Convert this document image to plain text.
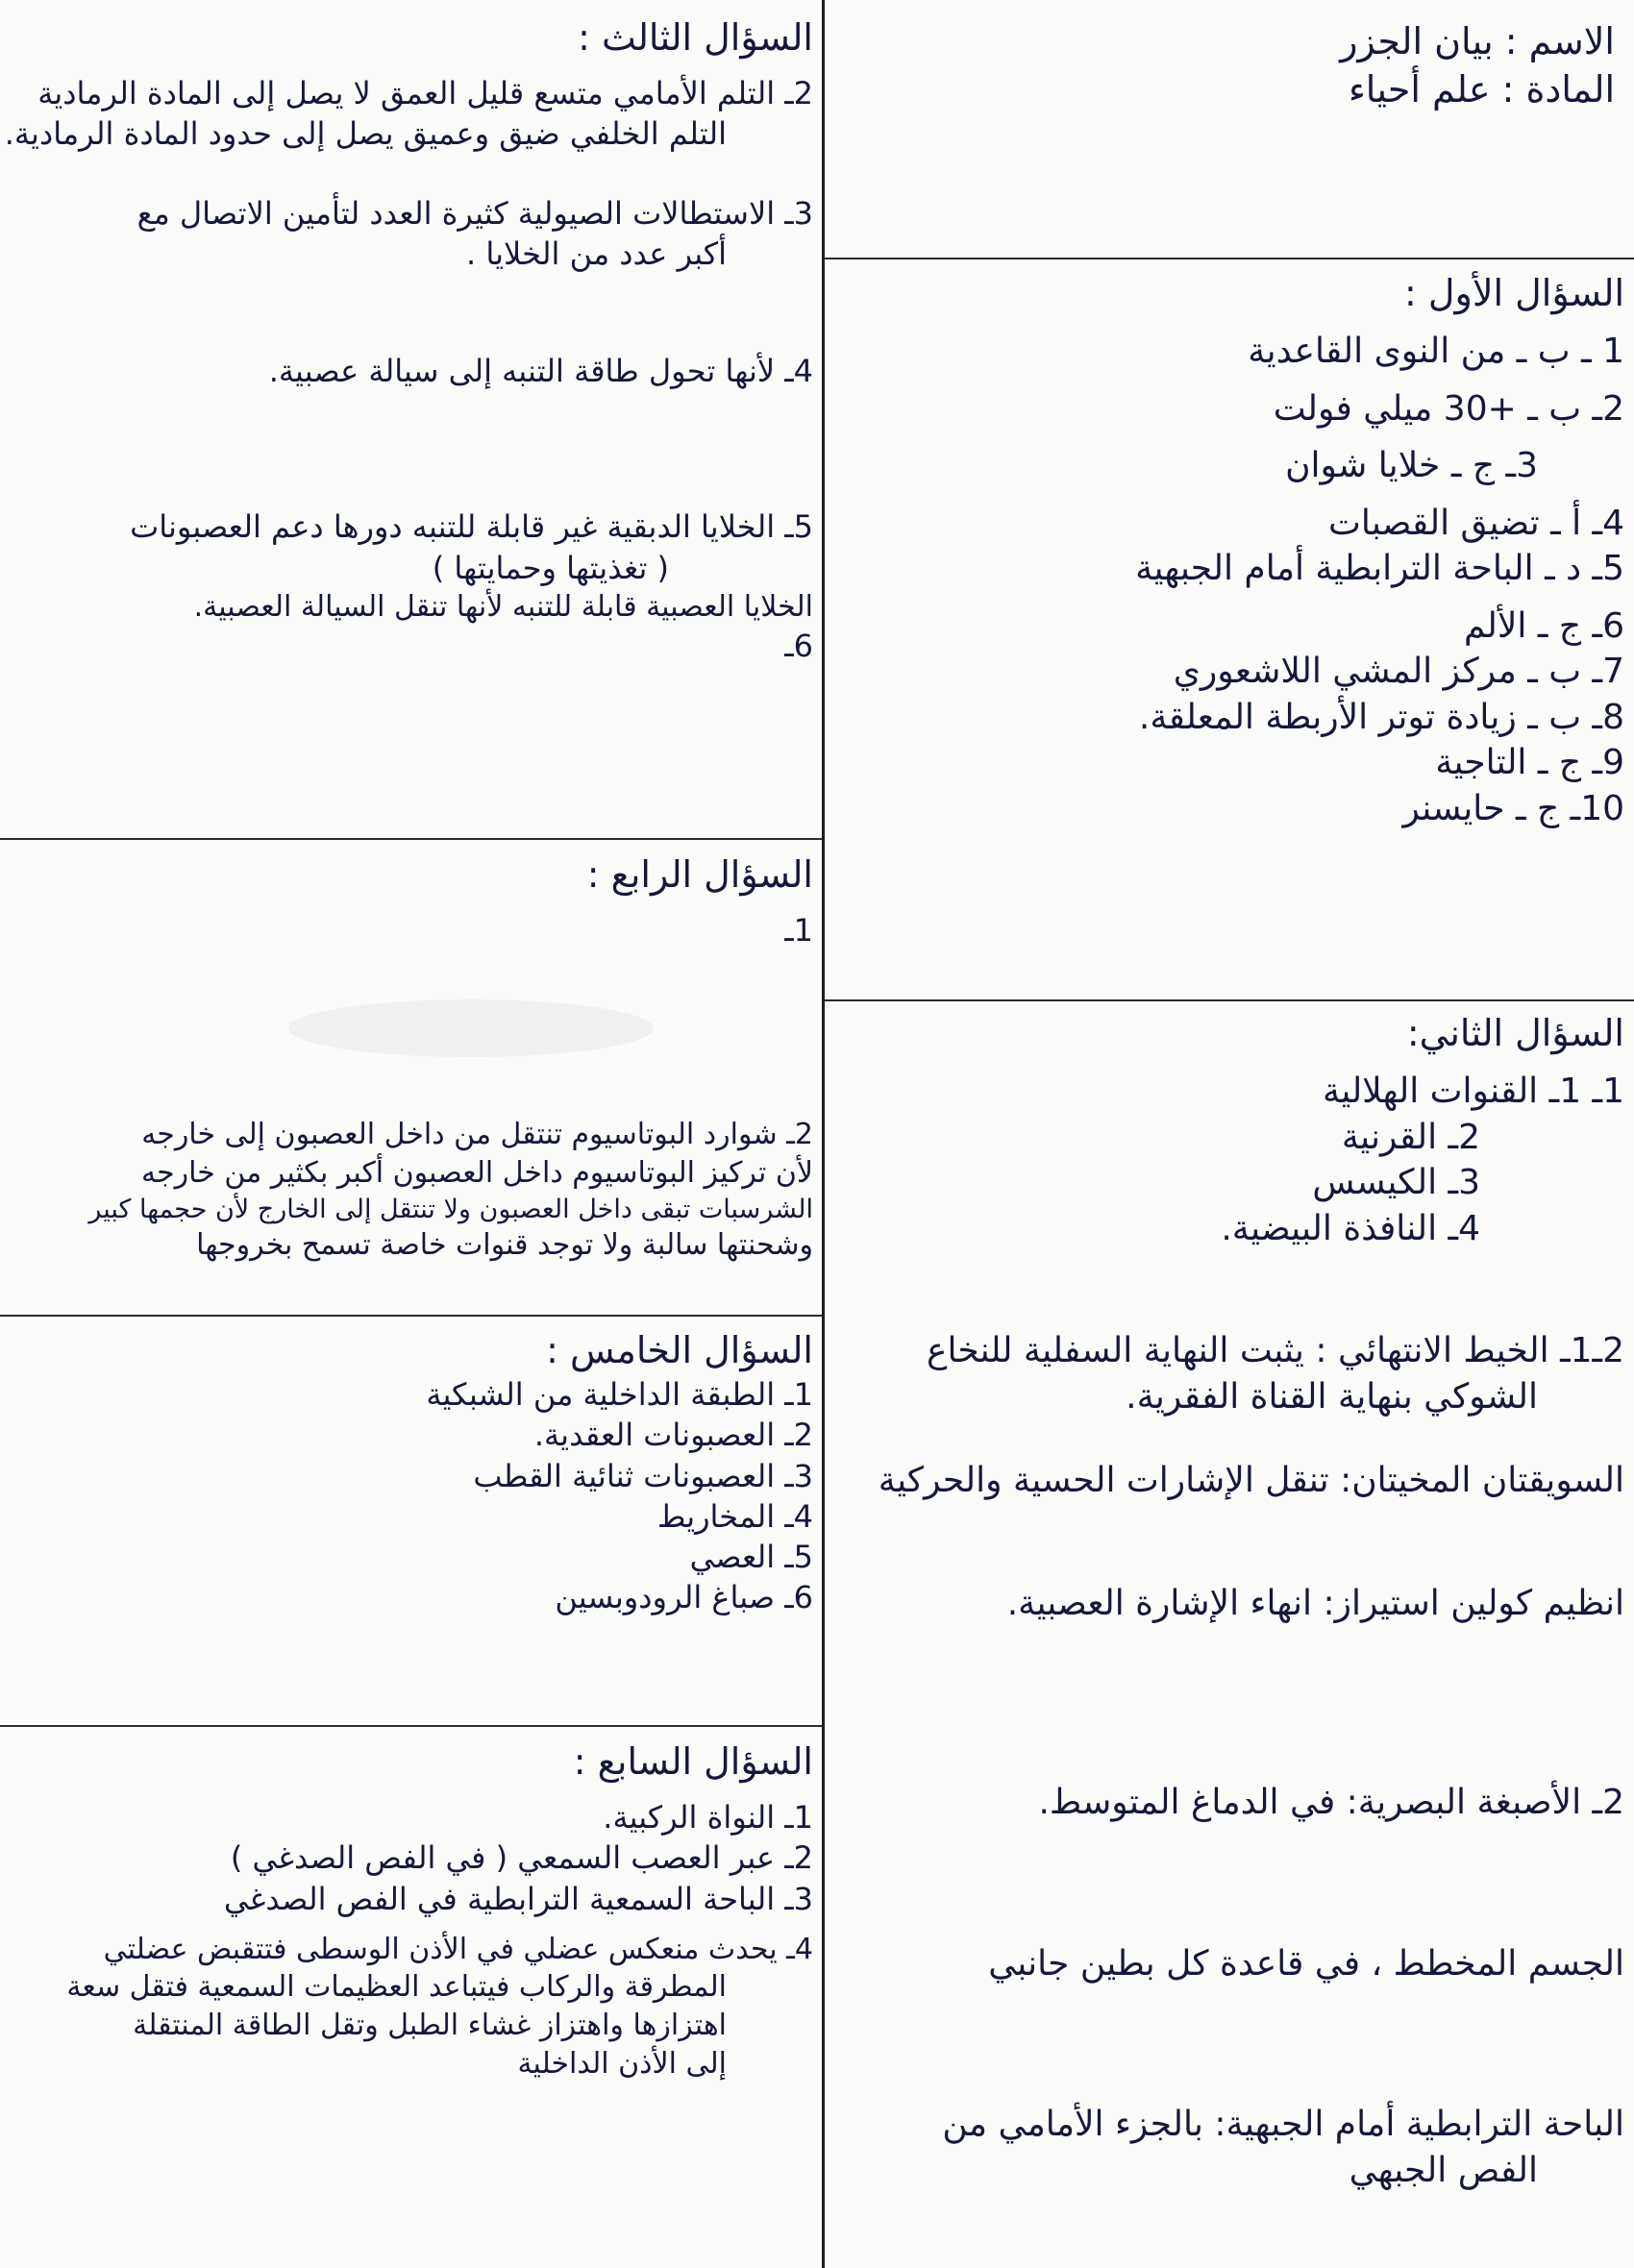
الاسم : بيان الجزر
المادة : علم أحياء
السؤال الأول :
1 ـ ب ـ من النوى القاعدية
2ـ ب ـ +30 ميلي فولت
3ـ ج ـ خلايا شوان
4ـ أ ـ تضيق القصبات
5ـ د ـ الباحة الترابطية أمام الجبهية
6ـ ج ـ الألم
7ـ ب ـ مركز المشي اللاشعوري
8ـ ب ـ زيادة توتر الأربطة المعلقة.
9ـ ج ـ التاجية
10ـ ج ـ حايسنر
السؤال الثاني:
1ـ 1ـ القنوات الهلالية
2ـ القرنية
3ـ الكيسس
4ـ النافذة البيضية.
2ـ1ـ الخيط الانتهائي : يثبت النهاية السفلية للنخاع
الشوكي بنهاية القناة الفقرية.
السويقتان المخيتان: تنقل الإشارات الحسية والحركية
انظيم كولين استيراز: انهاء الإشارة العصبية.
2ـ الأصبغة البصرية: في الدماغ المتوسط.
الجسم المخطط ، في قاعدة كل بطين جانبي
الباحة الترابطية أمام الجبهية: بالجزء الأمامي من
الفص الجبهي
السؤال الثالث :
2ـ التلم الأمامي متسع قليل العمق لا يصل إلى المادة الرمادية
التلم الخلفي ضيق وعميق يصل إلى حدود المادة الرمادية.
3ـ الاستطالات الصيولية كثيرة العدد لتأمين الاتصال مع
أكبر عدد من الخلايا .
4ـ لأنها تحول طاقة التنبه إلى سيالة عصبية.
5ـ الخلايا الدبقية غير قابلة للتنبه دورها دعم العصبونات
( تغذيتها وحمايتها )
الخلايا العصبية قابلة للتنبه لأنها تنقل السيالة العصبية.
6ـ
السؤال الرابع :
1ـ
2ـ شوارد البوتاسيوم تنتقل من داخل العصبون إلى خارجه
لأن تركيز البوتاسيوم داخل العصبون أكبر بكثير من خارجه
الشرسبات تبقى داخل العصبون ولا تنتقل إلى الخارج لأن حجمها كبير
وشحنتها سالبة ولا توجد قنوات خاصة تسمح بخروجها
السؤال الخامس :
1ـ الطبقة الداخلية من الشبكية
2ـ العصبونات العقدية.
3ـ العصبونات ثنائية القطب
4ـ المخاريط
5ـ العصي
6ـ صباغ الرودوبسين
السؤال السابع :
1ـ النواة الركبية.
2ـ عبر العصب السمعي ( في الفص الصدغي )
3ـ الباحة السمعية الترابطية في الفص الصدغي
4ـ يحدث منعكس عضلي في الأذن الوسطى فتتقبض عضلتي
المطرقة والركاب فيتباعد العظيمات السمعية فتقل سعة
اهتزازها واهتزاز غشاء الطبل وتقل الطاقة المنتقلة
إلى الأذن الداخلية
